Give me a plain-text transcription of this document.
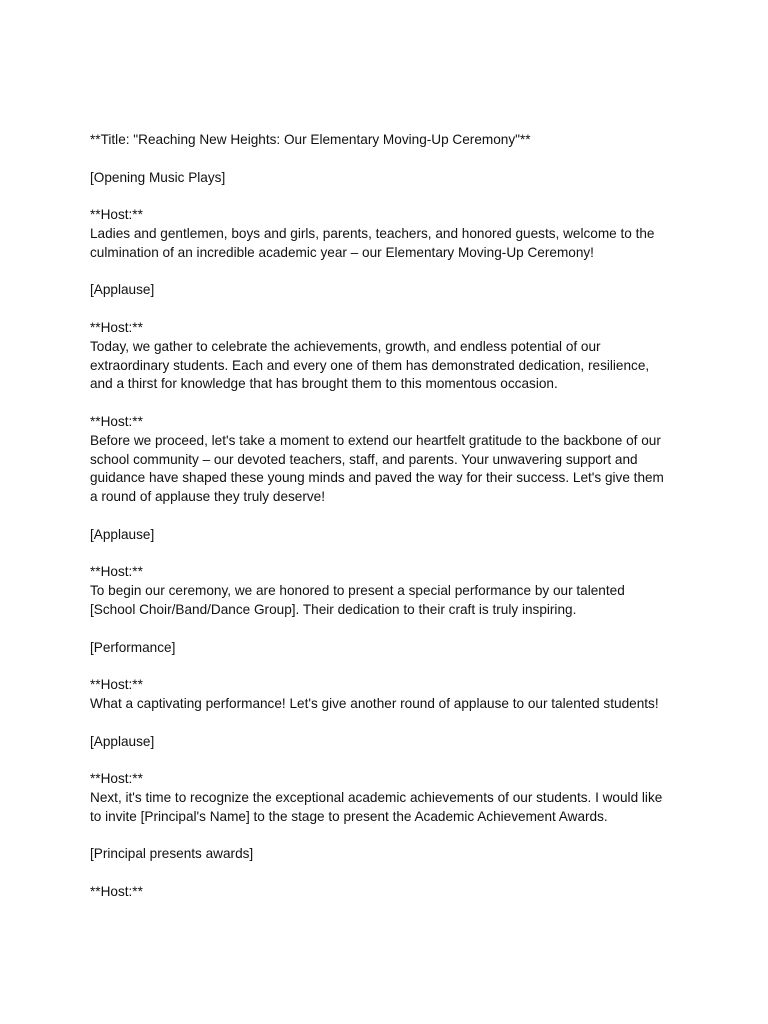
**Title: "Reaching New Heights: Our Elementary Moving-Up Ceremony"**
[Opening Music Plays]
**Host:**
Ladies and gentlemen, boys and girls, parents, teachers, and honored guests, welcome to the
culmination of an incredible academic year – our Elementary Moving-Up Ceremony!
[Applause]
**Host:**
Today, we gather to celebrate the achievements, growth, and endless potential of our
extraordinary students. Each and every one of them has demonstrated dedication, resilience,
and a thirst for knowledge that has brought them to this momentous occasion.
**Host:**
Before we proceed, let's take a moment to extend our heartfelt gratitude to the backbone of our
school community – our devoted teachers, staff, and parents. Your unwavering support and
guidance have shaped these young minds and paved the way for their success. Let's give them
a round of applause they truly deserve!
[Applause]
**Host:**
To begin our ceremony, we are honored to present a special performance by our talented
[School Choir/Band/Dance Group]. Their dedication to their craft is truly inspiring.
[Performance]
**Host:**
What a captivating performance! Let's give another round of applause to our talented students!
[Applause]
**Host:**
Next, it's time to recognize the exceptional academic achievements of our students. I would like
to invite [Principal's Name] to the stage to present the Academic Achievement Awards.
[Principal presents awards]
**Host:**
